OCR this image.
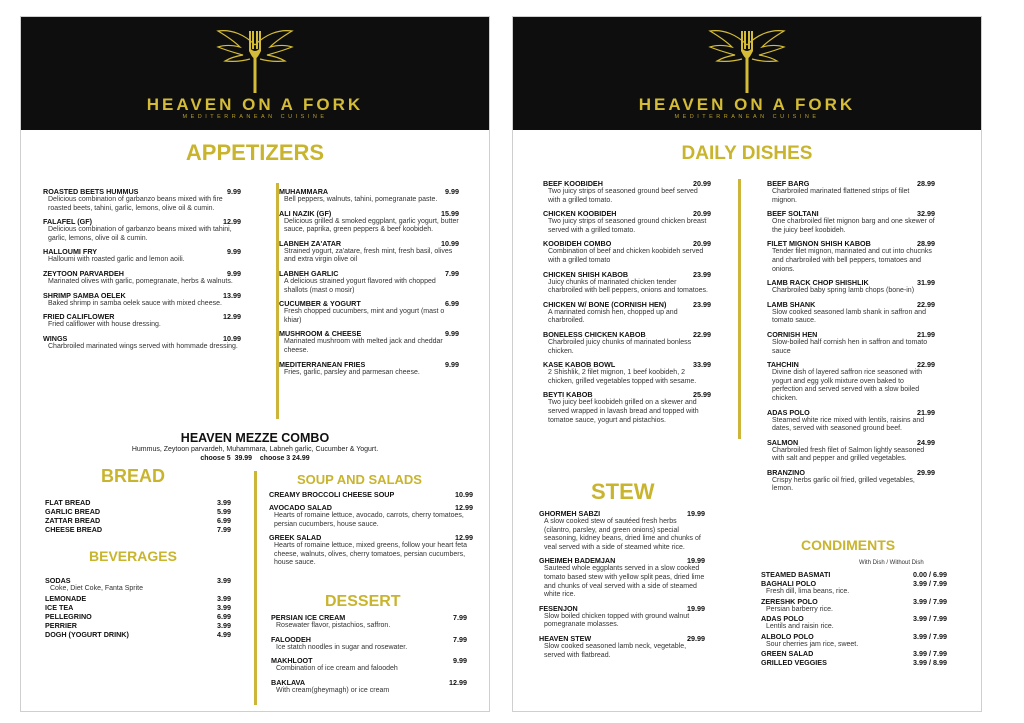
HEAVEN ON A FORK
MEDITERRANEAN CUISINE
APPETIZERS
ROASTED BEETS HUMMUS	9.99
Delicious combination of garbanzo beans mixed with fire roasted beets, tahini, garlic, lemons, olive oil & cumin.
FALAFEL (GF)	12.99
Delicious combination of garbanzo beans mixed with tahini, garlic, lemons, olive oil & cumin.
HALLOUMI FRY	9.99
Halloumi with roasted garlic and lemon aoili.
ZEYTOON PARVARDEH	9.99
Marinated olives with garlic, pomegranate, herbs & walnuts.
SHRIMP SAMBA OELEK	13.99
Baked shrimp in samba oelek sauce with mixed cheese.
FRIED CALIFLOWER	12.99
Fried califlower with house dressing.
WINGS	10.99
Charbroiled marinated wings served with hommade dressing.
MUHAMMARA	9.99
Bell peppers, walnuts, tahini, pomegranate paste.
ALI NAZIK (GF)	15.99
Delicious grilled & smoked eggplant, garlic yogurt, butter sauce, paprika, green peppers & beef koobideh.
LABNEH ZA'ATAR	10.99
Strained yogurt, za'atare, fresh mint, fresh basil, olives and extra virgin olive oil
LABNEH GARLIC	7.99
A delicious strained yogurt flavored with chopped shallots (mast o mosir)
CUCUMBER & YOGURT	6.99
Fresh chopped cucumbers, mint and yogurt (mast o khiar)
MUSHROOM & CHEESE	9.99
Marinated mushroom with melted jack and cheddar cheese.
MEDITERRANEAN FRIES	9.99
Fries, garlic, parsley and parmesan cheese.
HEAVEN MEZZE COMBO
Hummus, Zeytoon parvardeh, Muhammara, Labneh garlic, Cucumber & Yogurt.
choose 5  39.99    choose 3 24.99
BREAD
FLAT BREAD	3.99
GARLIC BREAD	5.99
ZATTAR BREAD	6.99
CHEESE BREAD	7.99
BEVERAGES
SODAS	3.99
Coke, Diet Coke, Fanta Sprite
LEMONADE	3.99
ICE TEA	3.99
PELLEGRINO	6.99
PERRIER	3.99
DOGH (YOGURT DRINK)	4.99
SOUP AND SALADS
CREAMY BROCCOLI CHEESE SOUP	10.99
AVOCADO SALAD	12.99
Hearts of romaine lettuce, avocado, carrots, cherry tomatoes, persian cucumbers, house sauce.
GREEK SALAD	12.99
Hearts of romaine lettuce, mixed greens, follow your heart feta cheese, walnuts, olives, cherry tomatoes, persian cucumbers, house sauce.
DESSERT
PERSIAN ICE CREAM	7.99
Rosewater flavor, pistachios, saffron.
FALOODEH	7.99
Ice statch noodles in sugar and rosewater.
MAKHLOOT	9.99
Combination of ice cream and faloodeh
BAKLAVA	12.99
With cream(gheymagh) or ice cream
HEAVEN ON A FORK
MEDITERRANEAN CUISINE
DAILY DISHES
BEEF KOOBIDEH	20.99
Two juicy strips of seasoned ground beef served with a grilled tomato.
CHICKEN KOOBIDEH	20.99
Two juicy strips of seasoned ground chicken breast served with a grilled tomato.
KOOBIDEH COMBO	20.99
Combination of beef and chicken koobideh served with a grilled tomato
CHICKEN SHISH KABOB	23.99
Juicy chunks of marinated chicken tender charbroiled with bell peppers, onions and tomatoes.
CHICKEN W/ BONE (CORNISH HEN)	23.99
A marinated cornish hen, chopped up and charbroiled.
BONELESS CHICKEN KABOB	22.99
Charbroiled juicy chunks of marinated bonless chicken.
KASE KABOB BOWL	33.99
2 Shishlik, 2 filet mignon, 1 beef koobideh, 2 chicken, grilled vegetables topped with sesame.
BEYTI KABOB	25.99
Two juicy beef koobideh grilled on a skewer and served wrapped in lavash bread and topped with tomatoe sauce, yogurt and pistachios.
BEEF BARG	28.99
Charbroiled marinated flattened strips of filet mignon.
BEEF SOLTANI	32.99
One charbroiled filet mignon barg and one skewer of the juicy beef koobideh.
FILET MIGNON SHISH KABOB	28.99
Tender filet mignon, marinated and cut into chucnks and charbroiled with bell peppers, tomatoes and onions.
LAMB RACK CHOP SHISHLIK	31.99
Charbroiled baby spring lamb chops (bone-in)
LAMB SHANK	22.99
Slow cooked seasoned lamb shank in saffron and tomato sauce.
CORNISH HEN	21.99
Slow-boiled half cornish hen in saffron and tomato sauce
TAHCHIN	22.99
Divine dish of layered saffron rice seasoned with yogurt and egg yolk mixture oven baked to perfection and served served with a slow boiled chicken.
ADAS POLO	21.99
Steamed white rice mixed with lentils, raisins and dates, served with seasoned ground beef.
SALMON	24.99
Charbroiled fresh filet of Salmon lightly seasoned with salt and pepper and grilled vegetables.
BRANZINO	29.99
Crispy herbs garlic oil fried, grilled vegetables, lemon.
STEW
GHORMEH SABZI	19.99
A slow cooked stew of sautéed fresh herbs (cilantro, parsley, and green onions) special seasoning, kidney beans, dried lime and chunks of veal served with a side of steamed white rice.
GHEIMEH BADEMJAN	19.99
Sauteed whole eggplants served in a slow cooked tomato based stew with yellow split peas, dried lime and chunks of veal served with a side of steamed white rice.
FESENJON	19.99
Slow boiled chicken topped with ground walnut pomegranate molasses.
HEAVEN STEW	29.99
Slow cooked seasoned lamb neck, vegetable, served with flatbread.
CONDIMENTS
With Dish / Without Dish
STEAMED BASMATI	0.00 / 6.99
BAGHALI POLO	3.99 / 7.99
Fresh dill, lima beans, rice.
ZERESHK POLO	3.99 / 7.99
Persian barberry rice.
ADAS POLO	3.99 / 7.99
Lentils and raisin rice.
ALBOLO POLO	3.99 / 7.99
Sour cherries jam rice, sweet.
GREEN SALAD	3.99 / 7.99
GRILLED VEGGIES	3.99 / 8.99
